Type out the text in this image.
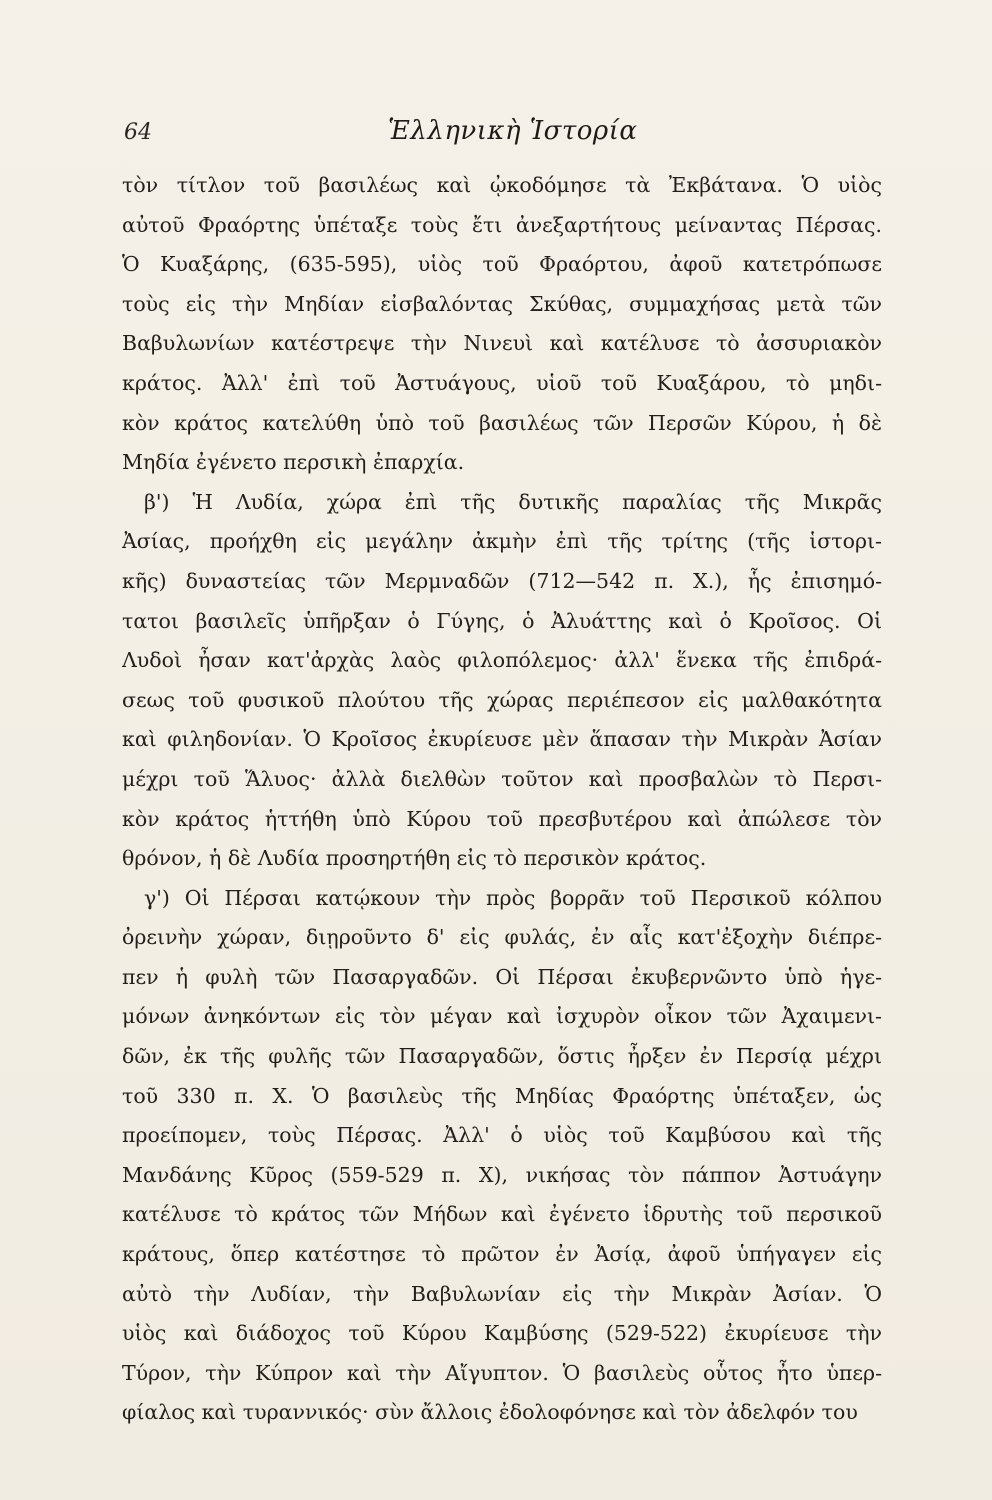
64	Ἑλληνικὴ Ἱστορία
τὸν τίτλον τοῦ βασιλέως καὶ ᾠκοδόμησε τὰ Ἐκβάτανα. Ὁ υἱὸς
αὐτοῦ Φραόρτης ὑπέταξε τοὺς ἔτι ἀνεξαρτήτους μείναντας Πέρσας.
Ὁ Κυαξάρης, (635-595), υἱὸς τοῦ Φραόρτου, ἀφοῦ κατετρόπωσε
τοὺς εἰς τὴν Μηδίαν εἰσβαλόντας Σκύθας, συμμαχήσας μετὰ τῶν
Βαβυλωνίων κατέστρεψε τὴν Νινευὶ καὶ κατέλυσε τὸ ἀσσυριακὸν
κράτος. Ἀλλ' ἐπὶ τοῦ Ἀστυάγους, υἱοῦ τοῦ Κυαξάρου, τὸ μηδι-
κὸν κράτος κατελύθη ὑπὸ τοῦ βασιλέως τῶν Περσῶν Κύρου, ἡ δὲ
Μηδία ἐγένετο περσικὴ ἐπαρχία.
β') Ἡ Λυδία, χώρα ἐπὶ τῆς δυτικῆς παραλίας τῆς Μικρᾶς
Ἀσίας, προήχθη εἰς μεγάλην ἀκμὴν ἐπὶ τῆς τρίτης (τῆς ἱστορι-
κῆς) δυναστείας τῶν Μερμναδῶν (712—542 π. Χ.), ἧς ἐπισημό-
τατοι βασιλεῖς ὑπῆρξαν ὁ Γύγης, ὁ Ἀλυάττης καὶ ὁ Κροῖσος. Οἱ
Λυδοὶ ἦσαν κατ'ἀρχὰς λαὸς φιλοπόλεμος· ἀλλ' ἕνεκα τῆς ἐπιδρά-
σεως τοῦ φυσικοῦ πλούτου τῆς χώρας περιέπεσον εἰς μαλθακότητα
καὶ φιληδονίαν. Ὁ Κροῖσος ἐκυρίευσε μὲν ἅπασαν τὴν Μικρὰν Ἀσίαν
μέχρι τοῦ Ἅλυος· ἀλλὰ διελθὼν τοῦτον καὶ προσβαλὼν τὸ Περσι-
κὸν κράτος ἡττήθη ὑπὸ Κύρου τοῦ πρεσβυτέρου καὶ ἀπώλεσε τὸν
θρόνον, ἡ δὲ Λυδία προσηρτήθη εἰς τὸ περσικὸν κράτος.
γ') Οἱ Πέρσαι κατῴκουν τὴν πρὸς βορρᾶν τοῦ Περσικοῦ κόλπου
ὀρεινὴν χώραν, διῃροῦντο δ' εἰς φυλάς, ἐν αἷς κατ'ἐξοχὴν διέπρε-
πεν ἡ φυλὴ τῶν Πασαργαδῶν. Οἱ Πέρσαι ἐκυβερνῶντο ὑπὸ ἡγε-
μόνων ἀνηκόντων εἰς τὸν μέγαν καὶ ἰσχυρὸν οἶκον τῶν Ἀχαιμενι-
δῶν, ἐκ τῆς φυλῆς τῶν Πασαργαδῶν, ὅστις ἦρξεν ἐν Περσίᾳ μέχρι
τοῦ 330 π. Χ. Ὁ βασιλεὺς τῆς Μηδίας Φραόρτης ὑπέταξεν, ὡς
προείπομεν, τοὺς Πέρσας. Ἀλλ' ὁ υἱὸς τοῦ Καμβύσου καὶ τῆς
Μανδάνης Κῦρος (559-529 π. Χ), νικήσας τὸν πάππον Ἀστυάγην
κατέλυσε τὸ κράτος τῶν Μήδων καὶ ἐγένετο ἱδρυτὴς τοῦ περσικοῦ
κράτους, ὅπερ κατέστησε τὸ πρῶτον ἐν Ἀσίᾳ, ἀφοῦ ὑπήγαγεν εἰς
αὐτὸ τὴν Λυδίαν, τὴν Βαβυλωνίαν εἰς τὴν Μικρὰν Ἀσίαν. Ὁ
υἱὸς καὶ διάδοχος τοῦ Κύρου Καμβύσης (529-522) ἐκυρίευσε τὴν
Τύρον, τὴν Κύπρον καὶ τὴν Αἴγυπτον. Ὁ βασιλεὺς οὗτος ἦτο ὑπερ-
φίαλος καὶ τυραννικός· σὺν ἄλλοις ἐδολοφόνησε καὶ τὸν ἀδελφόν του
